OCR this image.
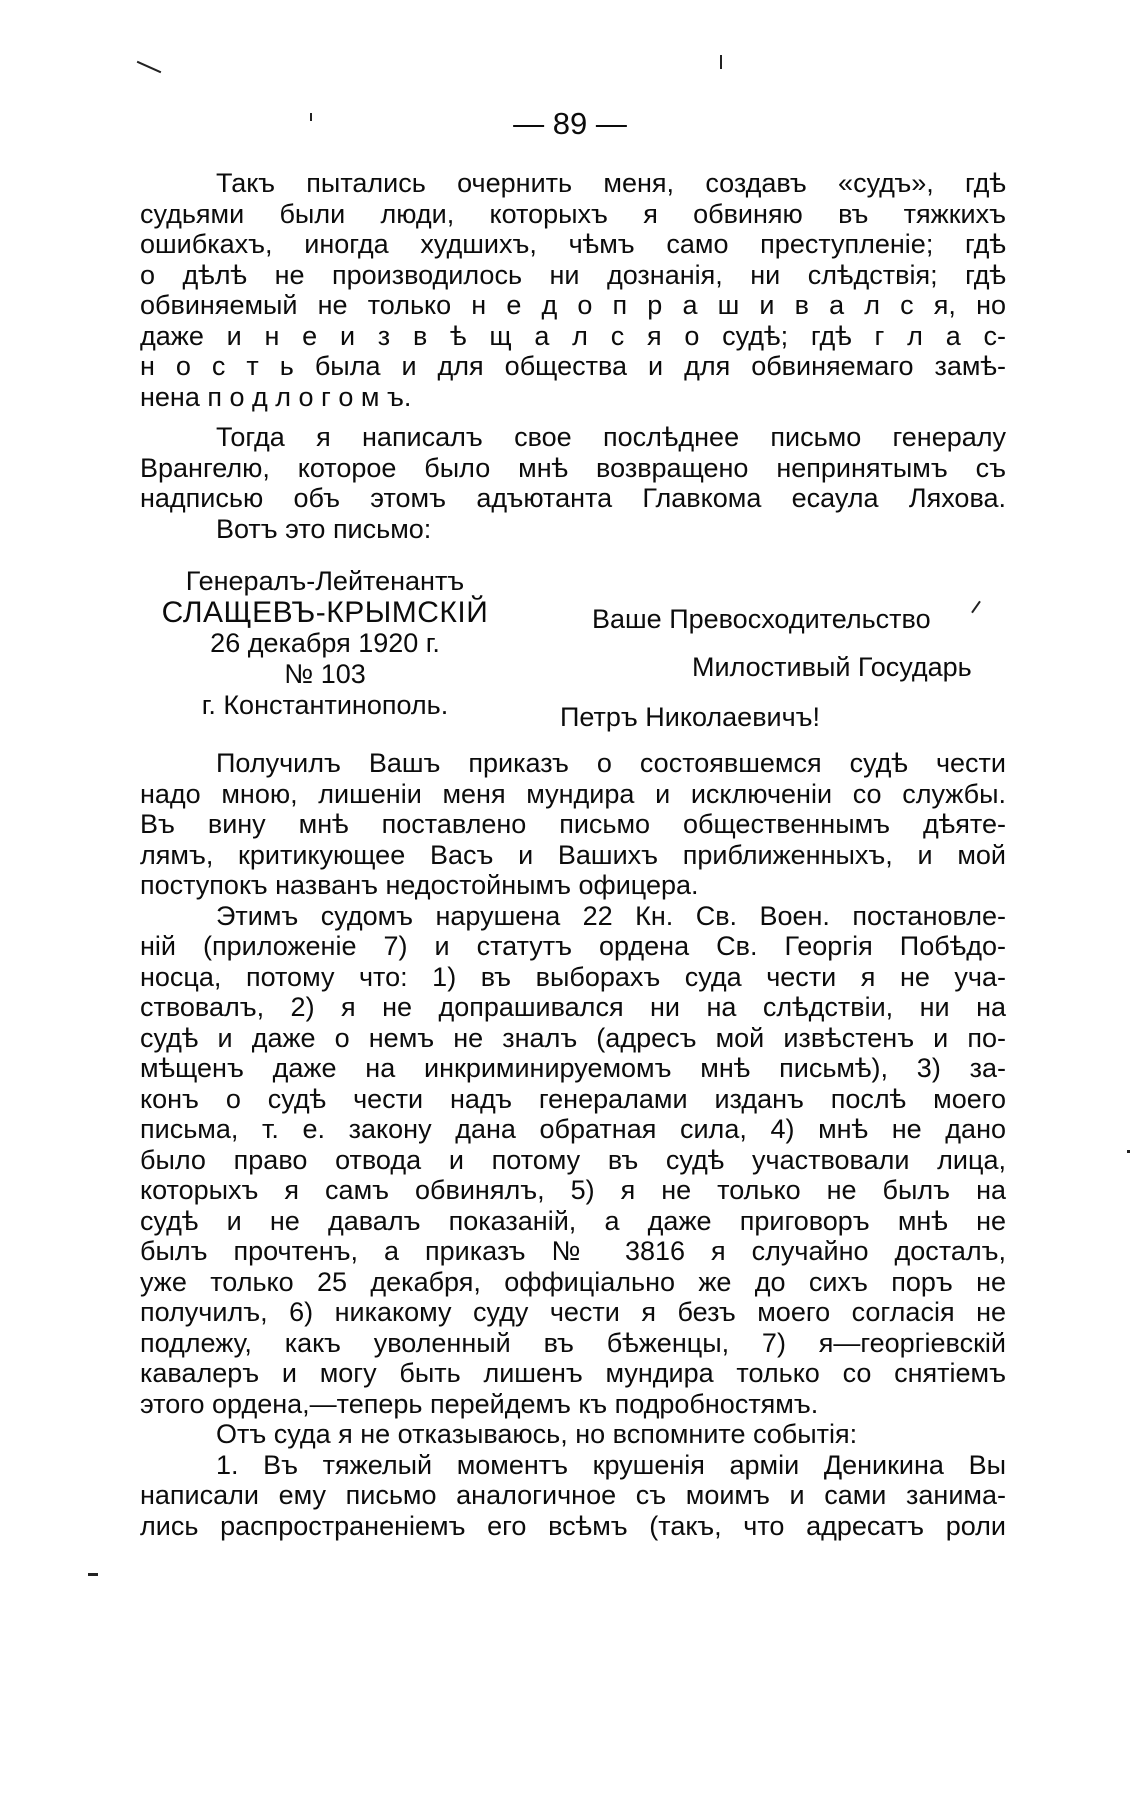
— 89 —
Такъ пытались очернить меня, создавъ «судъ», гдѣ
судьями были люди, которыхъ я обвиняю въ тяжкихъ
ошибкахъ, иногда худшихъ, чѣмъ само преступленіе; гдѣ
о дѣлѣ не производилось ни дознанія, ни слѣдствія; гдѣ
обвиняемый не только н е д о п р а ш и в а л с я, но
даже и н е и з в ѣ щ а л с я о судѣ; гдѣ г л а с-
н о с т ь была и для общества и для обвиняемаго замѣ-
нена п о д л о г о м ъ.
Тогда я написалъ свое послѣднее письмо генералу
Врангелю, которое было мнѣ возвращено непринятымъ съ
надписью объ этомъ адъютанта Главкома есаула Ляхова.
Вотъ это письмо:
Генералъ-Лейтенантъ
СЛАЩЕВЪ-КРЫМСКІЙ
26 декабря 1920 г.
№ 103
г. Константинополь.
Ваше Превосходительство
Милостивый Государь
Петръ Николаевичъ!
Получилъ Вашъ приказъ о состоявшемся судѣ чести
надо мною, лишеніи меня мундира и исключеніи со службы.
Въ вину мнѣ поставлено письмо общественнымъ дѣяте-
лямъ, критикующее Васъ и Вашихъ приближенныхъ, и мой
поступокъ названъ недостойнымъ офицера.
Этимъ судомъ нарушена 22 Кн. Св. Воен. постановле-
ній (приложеніе 7) и статутъ ордена Св. Георгія Побѣдо-
носца, потому что: 1) въ выборахъ суда чести я не уча-
ствовалъ, 2) я не допрашивался ни на слѣдствіи, ни на
судѣ и даже о немъ не зналъ (адресъ мой извѣстенъ и по-
мѣщенъ даже на инкриминируемомъ мнѣ письмѣ), 3) за-
конъ о судѣ чести надъ генералами изданъ послѣ моего
письма, т. е. закону дана обратная сила, 4) мнѣ не дано
было право отвода и потому въ судѣ участвовали лица,
которыхъ я самъ обвинялъ, 5) я не только не былъ на
судѣ и не давалъ показаній, а даже приговоръ мнѣ не
былъ прочтенъ, а приказъ № 3816 я случайно досталъ,
уже только 25 декабря, оффиціально же до сихъ поръ не
получилъ, 6) никакому суду чести я безъ моего согласія не
подлежу, какъ уволенный въ бѣженцы, 7) я—георгіевскій
кавалеръ и могу быть лишенъ мундира только со снятіемъ
этого ордена,—теперь перейдемъ къ подробностямъ.
Отъ суда я не отказываюсь, но вспомните событія:
1. Въ тяжелый моментъ крушенія арміи Деникина Вы
написали ему письмо аналогичное съ моимъ и сами занима-
лись распространеніемъ его всѣмъ (такъ, что адресатъ роли
